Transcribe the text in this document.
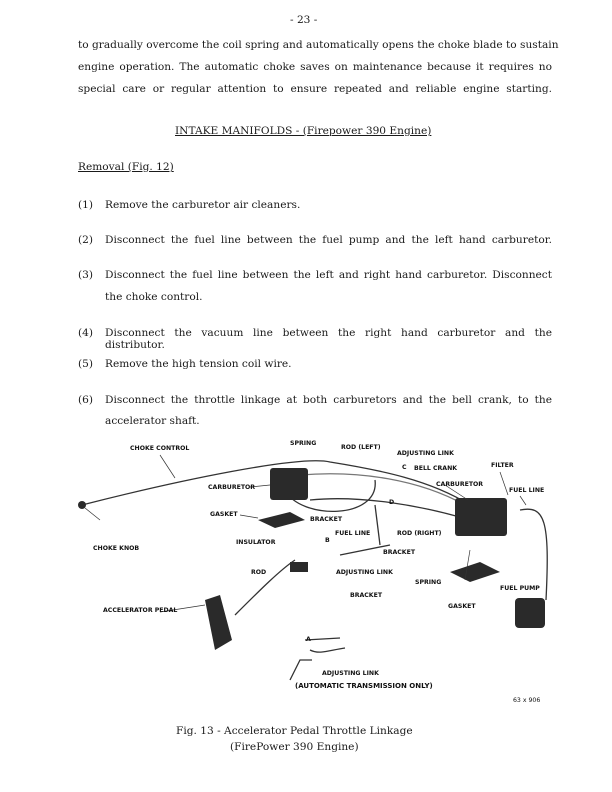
- 23 -
to gradually overcome the coil spring and automatically opens the choke blade to sustain
engine operation. The automatic choke saves on maintenance because it requires no
special care or regular attention to ensure repeated and reliable engine starting.
INTAKE MANIFOLDS - (Firepower 390 Engine)
Removal (Fig. 12)
(1) Remove the carburetor air cleaners.
(2) Disconnect the fuel line between the fuel pump and the left hand carburetor.
(3) Disconnect the fuel line between the left and right hand carburetor. Disconnect
the choke control.
(4) Disconnect the vacuum line between the right hand carburetor and the distributor.
(5) Remove the high tension coil wire.
(6) Disconnect the throttle linkage at both carburetors and the bell crank, to the
accelerator shaft.
CHOKE CONTROL
SPRING
ROD (LEFT)
ADJUSTING LINK
C BELL CRANK	FILTER
CARBURETOR	CARBURETOR
FUEL LINE
GASKET
BRACKET
D
FUEL LINE	ROD (RIGHT)
B
INSULATOR
BRACKET
CHOKE KNOB
ROD	ADJUSTING LINK
SPRING
FUEL PUMP
BRACKET
ACCELERATOR PEDAL
GASKET
A
ADJUSTING LINK
(AUTOMATIC TRANSMISSION ONLY)
63 x 906
Fig. 13 - Accelerator Pedal Throttle Linkage
(FirePower 390 Engine)
